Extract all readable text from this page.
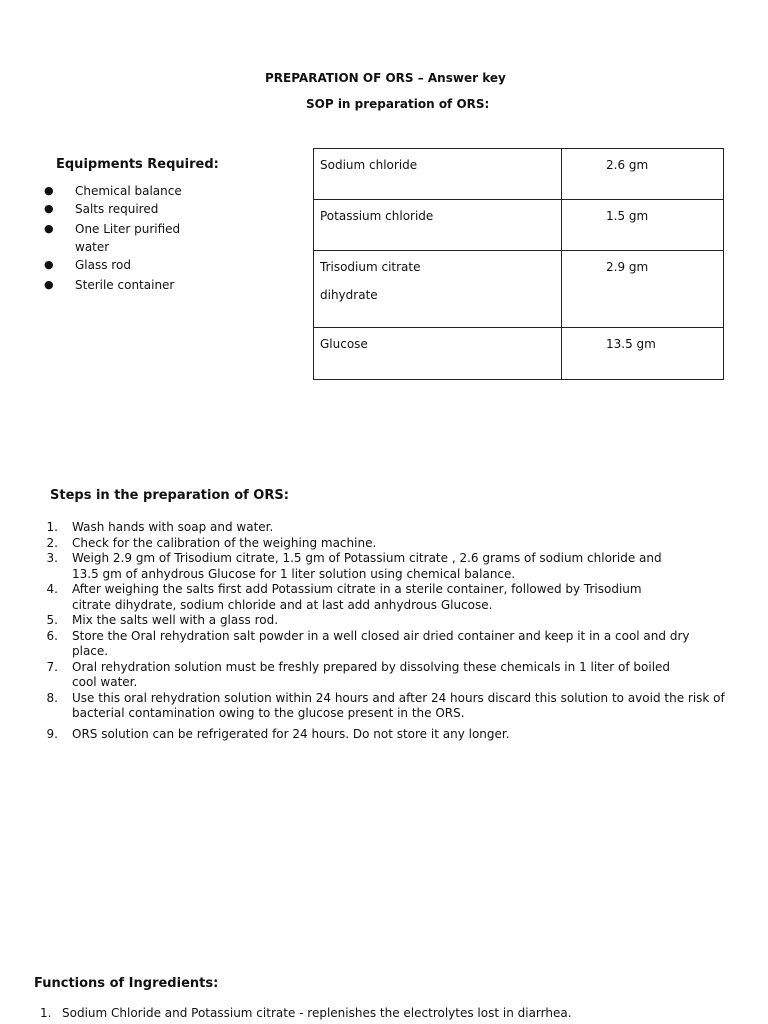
PREPARATION OF ORS – Answer key
SOP in preparation of ORS:
Equipments Required:
● Chemical balance
● Salts required
● One Liter purified water
● Glass rod
● Sterile container
Sodium chloride	2.6 gm
Potassium chloride	1.5 gm

Trisodium citrate
dihydrate	2.9 gm
Glucose	13.5 gm
Steps in the preparation of ORS:
1. Wash hands with soap and water.
2. Check for the calibration of the weighing machine.
3. Weigh 2.9 gm of Trisodium citrate, 1.5 gm of Potassium citrate , 2.6 grams of sodium chloride and 13.5 gm of anhydrous Glucose for 1 liter solution using chemical balance.
4. After weighing the salts first add Potassium citrate in a sterile container, followed by Trisodium citrate dihydrate, sodium chloride and at last add anhydrous Glucose.
5. Mix the salts well with a glass rod.
6. Store the Oral rehydration salt powder in a well closed air dried container and keep it in a cool and dry place.
7. Oral rehydration solution must be freshly prepared by dissolving these chemicals in 1 liter of boiled cool water.
8. Use this oral rehydration solution within 24 hours and after 24 hours discard this solution to avoid the risk of bacterial contamination owing to the glucose present in the ORS.
9. ORS solution can be refrigerated for 24 hours. Do not store it any longer.
Functions of Ingredients:
1. Sodium Chloride and Potassium citrate - replenishes the electrolytes lost in diarrhea.
